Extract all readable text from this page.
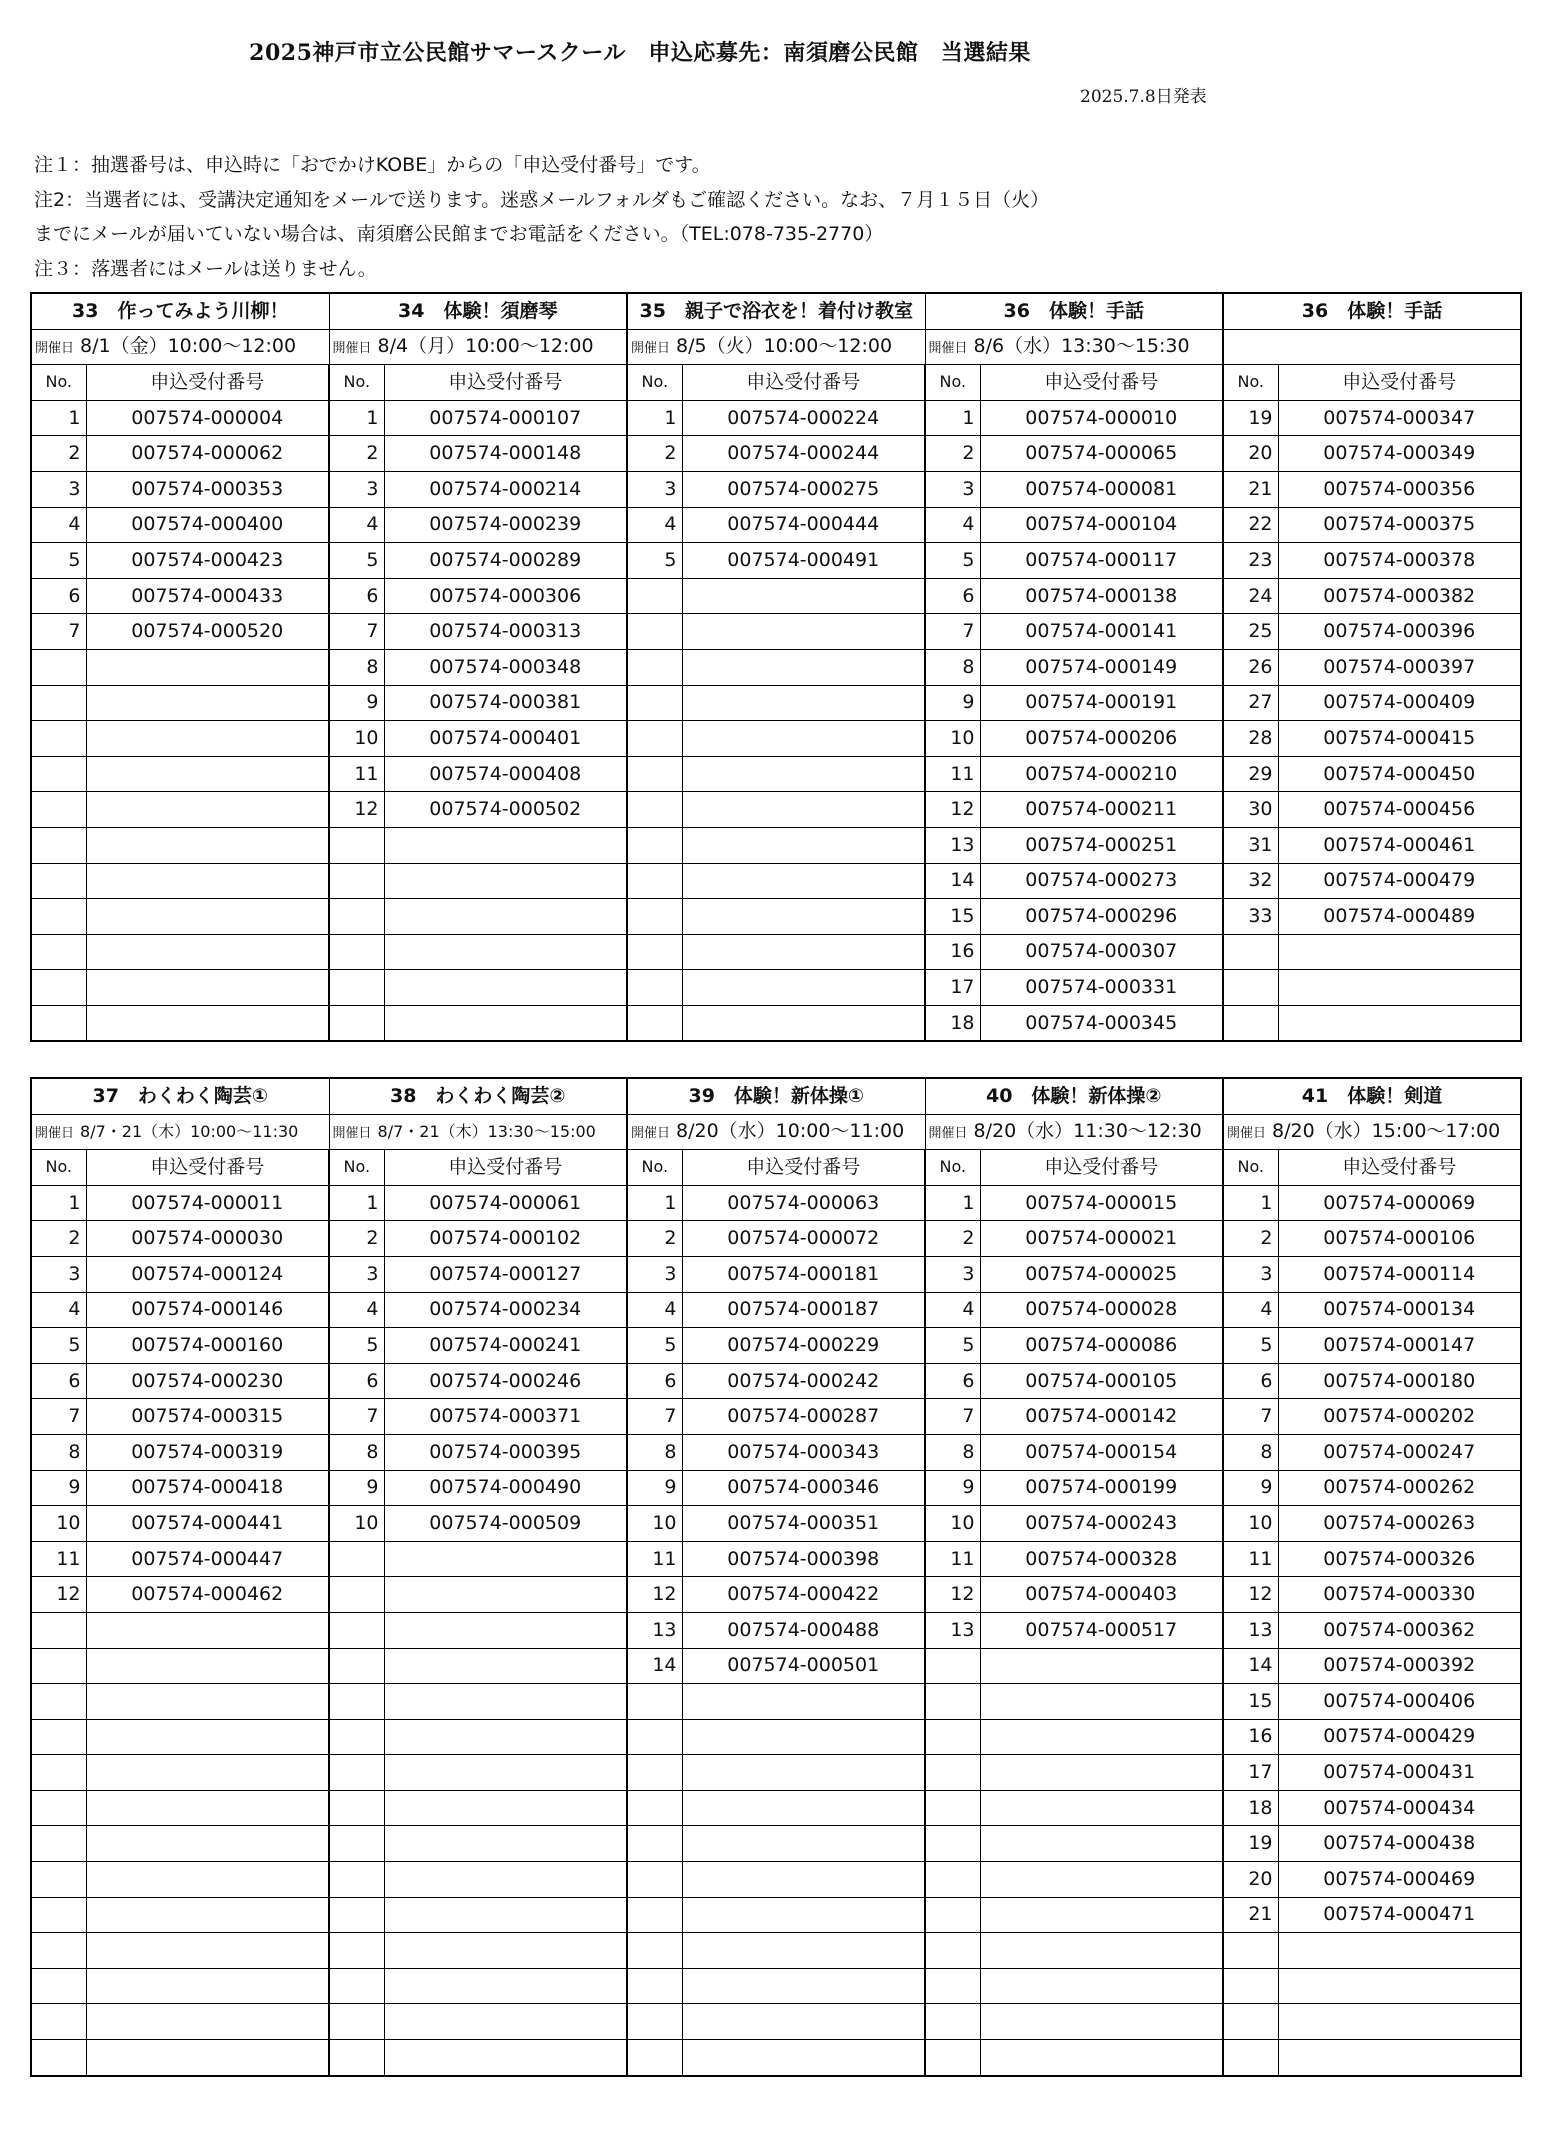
2025神戸市立公民館サマースクール　申込応募先：南須磨公民館　当選結果
2025.7.8日発表
注１：抽選番号は、申込時に「おでかけKOBE」からの「申込受付番号」です。
注2：当選者には、受講決定通知をメールで送ります。迷惑メールフォルダもご確認ください。なお、７月１５日（火）
までにメールが届いていない場合は、南須磨公民館までお電話をください。（TEL:078-735-2770）
注３：落選者にはメールは送りません。
33　作ってみよう川柳！		34　体験！須磨琴		35　親子で浴衣を！着付け教室		36　体験！手話		36　体験！手話	
開催日 8/1（金）10:00～12:00		開催日 8/4（月）10:00～12:00		開催日 8/5（火）10:00～12:00		開催日 8/6（水）13:30～15:30			
No.	申込受付番号	No.	申込受付番号	No.	申込受付番号	No.	申込受付番号	No.	申込受付番号
1	007574-000004	1	007574-000107	1	007574-000224	1	007574-000010	19	007574-000347
2	007574-000062	2	007574-000148	2	007574-000244	2	007574-000065	20	007574-000349
3	007574-000353	3	007574-000214	3	007574-000275	3	007574-000081	21	007574-000356
4	007574-000400	4	007574-000239	4	007574-000444	4	007574-000104	22	007574-000375
5	007574-000423	5	007574-000289	5	007574-000491	5	007574-000117	23	007574-000378
6	007574-000433	6	007574-000306			6	007574-000138	24	007574-000382
7	007574-000520	7	007574-000313			7	007574-000141	25	007574-000396
		8	007574-000348			8	007574-000149	26	007574-000397
		9	007574-000381			9	007574-000191	27	007574-000409
		10	007574-000401			10	007574-000206	28	007574-000415
		11	007574-000408			11	007574-000210	29	007574-000450
		12	007574-000502			12	007574-000211	30	007574-000456
						13	007574-000251	31	007574-000461
						14	007574-000273	32	007574-000479
						15	007574-000296	33	007574-000489
						16	007574-000307		
						17	007574-000331		
						18	007574-000345		
37　わくわく陶芸①		38　わくわく陶芸②		39　体験！新体操①		40　体験！新体操②		41　体験！剣道	
開催日 8/7・21（木）10:00～11:30		開催日 8/7・21（木）13:30～15:00		開催日 8/20（水）10:00～11:00		開催日 8/20（水）11:30～12:30		開催日 8/20（水）15:00～17:00	
No.	申込受付番号	No.	申込受付番号	No.	申込受付番号	No.	申込受付番号	No.	申込受付番号
1	007574-000011	1	007574-000061	1	007574-000063	1	007574-000015	1	007574-000069
2	007574-000030	2	007574-000102	2	007574-000072	2	007574-000021	2	007574-000106
3	007574-000124	3	007574-000127	3	007574-000181	3	007574-000025	3	007574-000114
4	007574-000146	4	007574-000234	4	007574-000187	4	007574-000028	4	007574-000134
5	007574-000160	5	007574-000241	5	007574-000229	5	007574-000086	5	007574-000147
6	007574-000230	6	007574-000246	6	007574-000242	6	007574-000105	6	007574-000180
7	007574-000315	7	007574-000371	7	007574-000287	7	007574-000142	7	007574-000202
8	007574-000319	8	007574-000395	8	007574-000343	8	007574-000154	8	007574-000247
9	007574-000418	9	007574-000490	9	007574-000346	9	007574-000199	9	007574-000262
10	007574-000441	10	007574-000509	10	007574-000351	10	007574-000243	10	007574-000263
11	007574-000447			11	007574-000398	11	007574-000328	11	007574-000326
12	007574-000462			12	007574-000422	12	007574-000403	12	007574-000330
				13	007574-000488	13	007574-000517	13	007574-000362
				14	007574-000501			14	007574-000392
								15	007574-000406
								16	007574-000429
								17	007574-000431
								18	007574-000434
								19	007574-000438
								20	007574-000469
								21	007574-000471
